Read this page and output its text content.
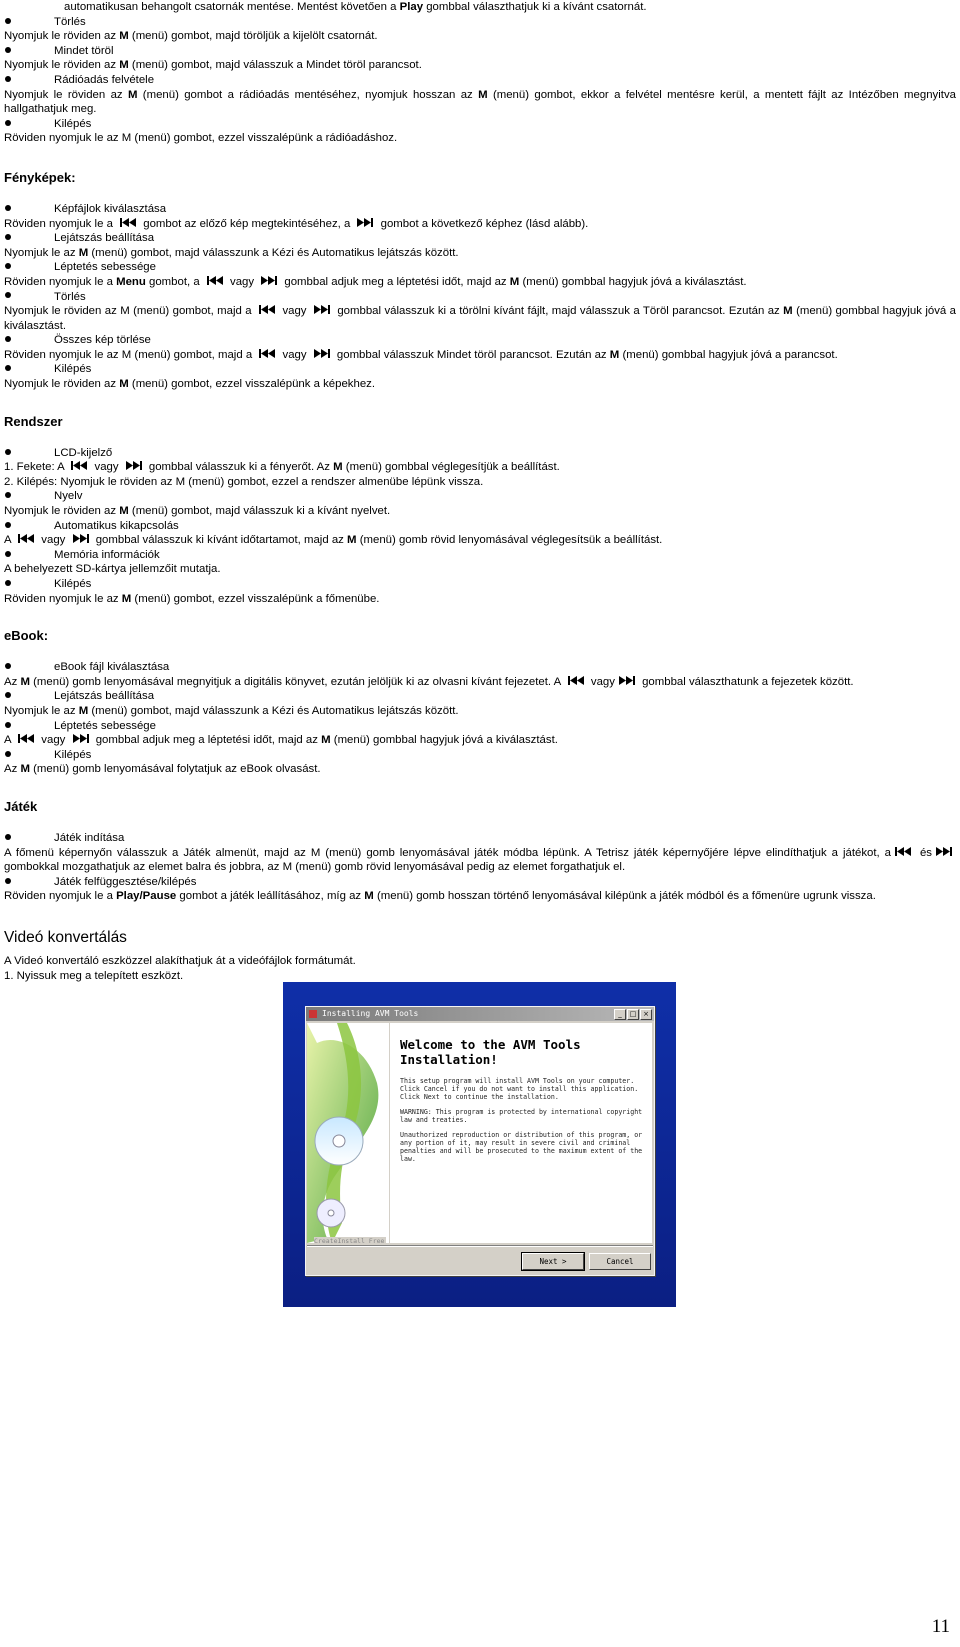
automatikusan behangolt csatornák mentése. Mentést követően a Play gombbal választhatjuk ki a kívánt csatornát.
Törlés
Nyomjuk le röviden az M (menü) gombot, majd töröljük a kijelölt csatornát.
Mindet töröl
Nyomjuk le röviden az M (menü) gombot, majd válasszuk a Mindet töröl parancsot.
Rádióadás felvétele
Nyomjuk le röviden az M (menü) gombot a rádióadás mentéséhez, nyomjuk hosszan az M (menü) gombot, ekkor a felvétel mentésre kerül, a mentett fájlt az Intézőben megnyitva hallgathatjuk meg.
Kilépés
Röviden nyomjuk le az M (menü) gombot, ezzel visszalépünk a rádióadáshoz.
Fényképek:
Képfájlok kiválasztása
Röviden nyomjuk le a
gombot az előző kép megtekintéséhez, a
gombot a következő képhez (lásd alább).
Lejátszás beállítása
Nyomjuk le az M (menü) gombot, majd válasszunk a Kézi és Automatikus lejátszás között.
Léptetés sebessége
Röviden nyomjuk le a Menu gombot, a
vagy
gombbal adjuk meg a léptetési időt, majd az M (menü) gombbal hagyjuk jóvá a kiválasztást.
Törlés
Nyomjuk le röviden az M (menü) gombot, majd a
vagy
gombbal válasszuk ki a törölni kívánt fájlt, majd válasszuk a Töröl parancsot. Ezután az M (menü) gombbal hagyjuk jóvá a kiválasztást.
Összes kép törlése
Röviden nyomjuk le az M (menü) gombot, majd a
vagy
gombbal válasszuk Mindet töröl parancsot. Ezután az M (menü) gombbal hagyjuk jóvá a parancsot.
Kilépés
Nyomjuk le röviden az M (menü) gombot, ezzel visszalépünk a képekhez.
Rendszer
LCD-kijelző
1. Fekete: A
vagy
gombbal válasszuk ki a fényerőt. Az M (menü) gombbal véglegesítjük a beállítást.
2. Kilépés: Nyomjuk le röviden az M (menü) gombot, ezzel a rendszer almenübe lépünk vissza.
Nyelv
Nyomjuk le röviden az M (menü) gombot, majd válasszuk ki a kívánt nyelvet.
Automatikus kikapcsolás
A
vagy
gombbal válasszuk ki kívánt időtartamot, majd az M (menü) gomb rövid lenyomásával véglegesítsük a beállítást.
Memória információk
A behelyezett SD-kártya jellemzőit mutatja.
Kilépés
Röviden nyomjuk le az M (menü) gombot, ezzel visszalépünk a főmenübe.
eBook:
eBook fájl kiválasztása
Az M (menü) gomb lenyomásával megnyitjuk a digitális könyvet, ezután jelöljük ki az olvasni kívánt fejezetet. A
vagy
gombbal választhatunk a fejezetek között.
Lejátszás beállítása
Nyomjuk le az M (menü) gombot, majd válasszunk a Kézi és Automatikus lejátszás között.
Léptetés sebessége
A
vagy
gombbal adjuk meg a léptetési időt, majd az M (menü) gombbal hagyjuk jóvá a kiválasztást.
Kilépés
Az M (menü) gomb lenyomásával folytatjuk az eBook olvasást.
Játék
Játék indítása
A főmenü képernyőn válasszuk a Játék almenüt, majd az M (menü) gomb lenyomásával játék módba lépünk. A Tetrisz játék képernyőjére lépve elindíthatjuk a játékot, a
és
gombokkal mozgathatjuk az elemet balra és jobbra, az M (menü) gomb rövid lenyomásával pedig az elemet forgathatjuk el.
Játék felfüggesztése/kilépés
Röviden nyomjuk le a Play/Pause gombot a játék leállításához, míg az M (menü) gomb hosszan történő lenyomásával kilépünk a játék módból és a főmenüre ugrunk vissza.
Videó konvertálás
A Videó konvertáló eszközzel alakíthatjuk át a videófájlok formátumát.
1. Nyissuk meg a telepített eszközt.
Installing AVM Tools	_	□ ×
Welcome to the AVM Tools Installation!
This setup program will install AVM Tools on your computer. Click Cancel if you do not want to install this application. Click Next to continue the installation.
WARNING: This program is protected by international copyright law and treaties.
Unauthorized reproduction or distribution of this program, or any portion of it, may result in severe civil and criminal penalties and will be prosecuted to the maximum extent of the law.
CreateInstall Free
Next >	Cancel
11
